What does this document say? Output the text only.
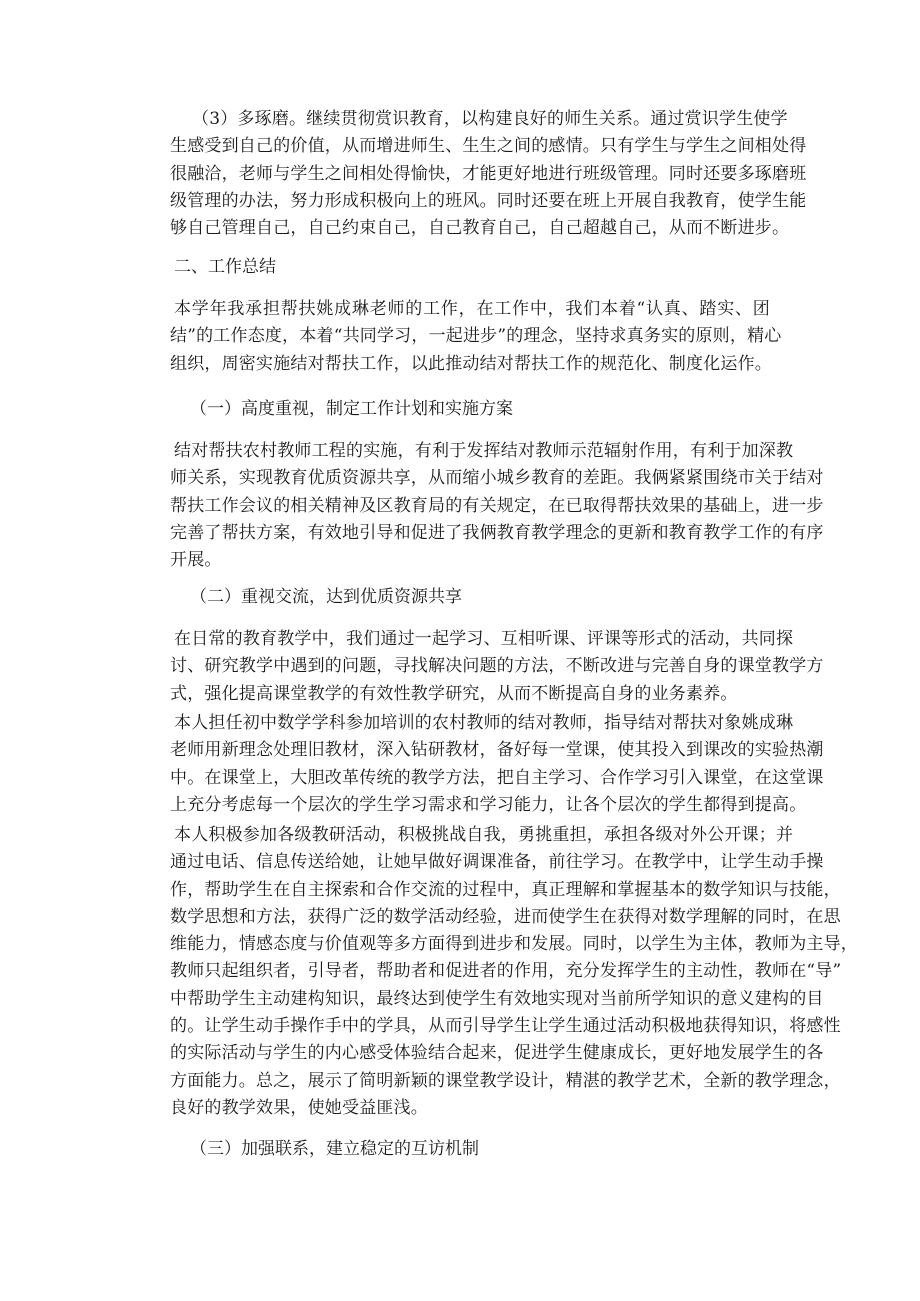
（3）多琢磨。继续贯彻赏识教育，以构建良好的师生关系。通过赏识学生使学
生感受到自己的价值，从而增进师生、生生之间的感情。只有学生与学生之间相处得
很融洽，老师与学生之间相处得愉快，才能更好地进行班级管理。同时还要多琢磨班
级管理的办法，努力形成积极向上的班风。同时还要在班上开展自我教育，使学生能
够自己管理自己，自己约束自己，自己教育自己，自己超越自己，从而不断进步。
二、工作总结
本学年我承担帮扶姚成琳老师的工作，在工作中，我们本着“认真、踏实、团
结”的工作态度，本着“共同学习，一起进步”的理念，坚持求真务实的原则，精心
组织，周密实施结对帮扶工作，以此推动结对帮扶工作的规范化、制度化运作。
（一）高度重视，制定工作计划和实施方案
结对帮扶农村教师工程的实施，有利于发挥结对教师示范辐射作用，有利于加深教
师关系，实现教育优质资源共享，从而缩小城乡教育的差距。我俩紧紧围绕市关于结对
帮扶工作会议的相关精神及区教育局的有关规定，在已取得帮扶效果的基础上，进一步
完善了帮扶方案，有效地引导和促进了我俩教育教学理念的更新和教育教学工作的有序
开展。
（二）重视交流，达到优质资源共享
在日常的教育教学中，我们通过一起学习、互相听课、评课等形式的活动，共同探
讨、研究教学中遇到的问题，寻找解决问题的方法，不断改进与完善自身的课堂教学方
式，强化提高课堂教学的有效性教学研究，从而不断提高自身的业务素养。
本人担任初中数学学科参加培训的农村教师的结对教师，指导结对帮扶对象姚成琳
老师用新理念处理旧教材，深入钻研教材，备好每一堂课，使其投入到课改的实验热潮
中。在课堂上，大胆改革传统的教学方法，把自主学习、合作学习引入课堂，在这堂课
上充分考虑每一个层次的学生学习需求和学习能力，让各个层次的学生都得到提高。
本人积极参加各级教研活动，积极挑战自我，勇挑重担，承担各级对外公开课；并
通过电话、信息传送给她，让她早做好调课准备，前往学习。在教学中，让学生动手操
作，帮助学生在自主探索和合作交流的过程中，真正理解和掌握基本的数学知识与技能，
数学思想和方法，获得广泛的数学活动经验，进而使学生在获得对数学理解的同时，在思
维能力，情感态度与价值观等多方面得到进步和发展。同时，以学生为主体，教师为主导，
教师只起组织者，引导者，帮助者和促进者的作用，充分发挥学生的主动性，教师在“导”
中帮助学生主动建构知识，最终达到使学生有效地实现对当前所学知识的意义建构的目
的。让学生动手操作手中的学具，从而引导学生让学生通过活动积极地获得知识，将感性
的实际活动与学生的内心感受体验结合起来，促进学生健康成长，更好地发展学生的各
方面能力。总之，展示了简明新颖的课堂教学设计，精湛的教学艺术，全新的教学理念，
良好的教学效果，使她受益匪浅。
（三）加强联系，建立稳定的互访机制
